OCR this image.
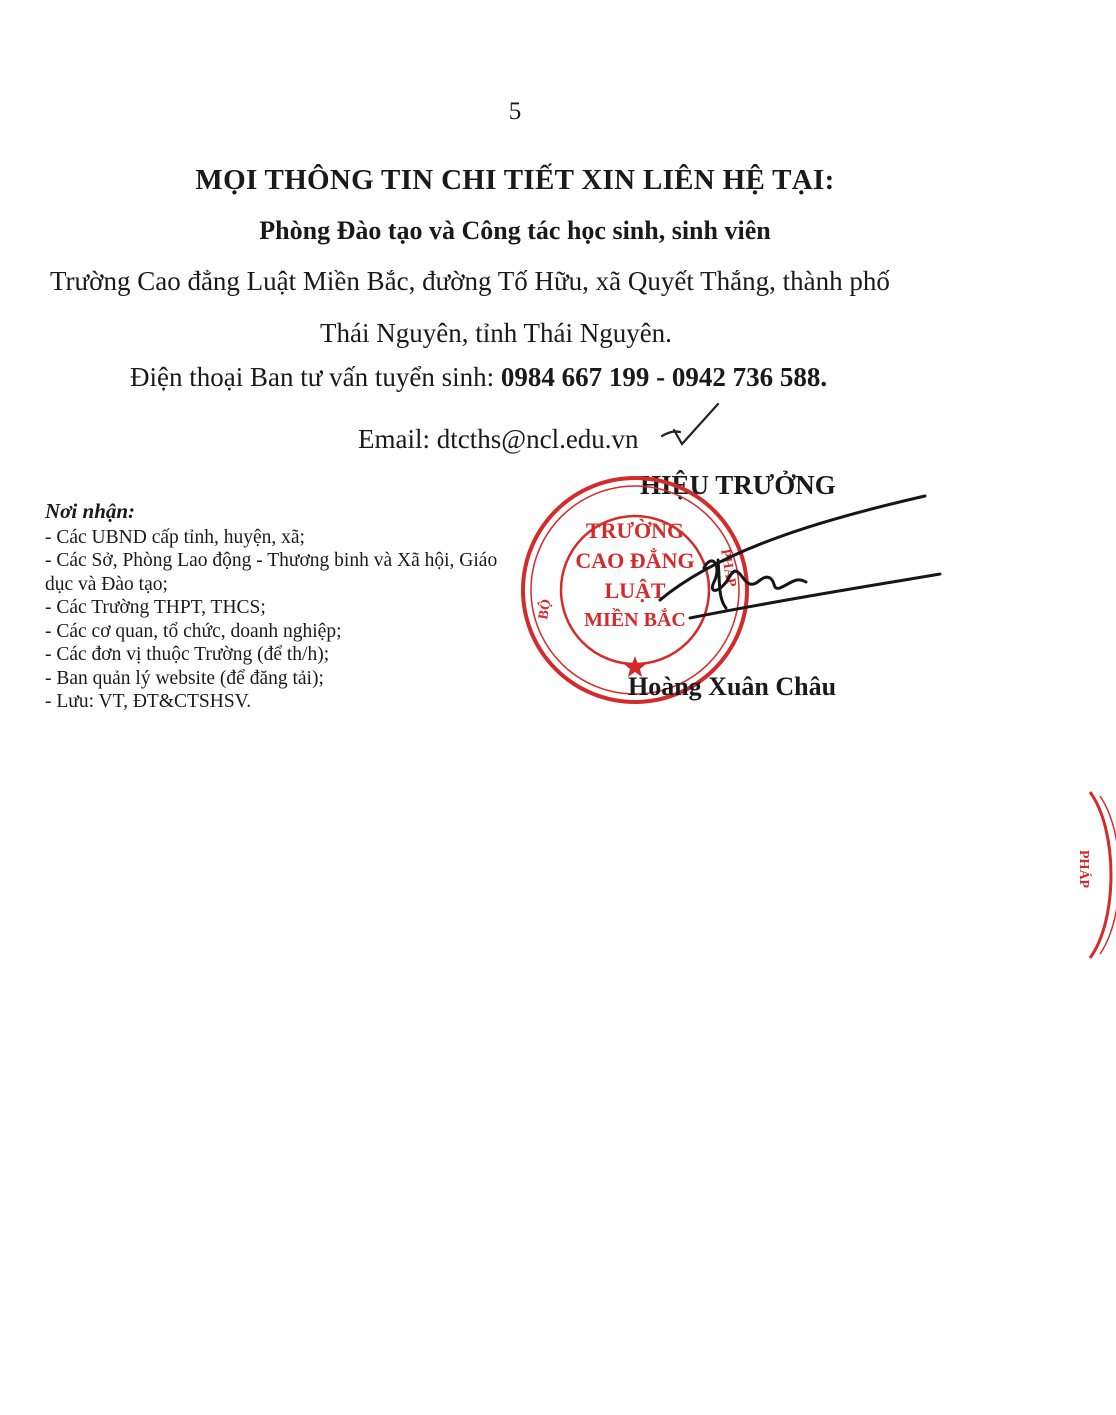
5
MỌI THÔNG TIN CHI TIẾT XIN LIÊN HỆ TẠI:
Phòng Đào tạo và Công tác học sinh, sinh viên
Trường Cao đẳng Luật Miền Bắc, đường Tố Hữu, xã Quyết Thắng, thành phố
Thái Nguyên, tỉnh Thái Nguyên.
Điện thoại Ban tư vấn tuyển sinh: 0984 667 199 - 0942 736 588.
Email: dtcths@ncl.edu.vn
Nơi nhận:
- Các UBND cấp tỉnh, huyện, xã;
- Các Sở, Phòng Lao động - Thương binh và Xã hội, Giáo dục và Đào tạo;
- Các Trường THPT, THCS;
- Các cơ quan, tổ chức, doanh nghiệp;
- Các đơn vị thuộc Trường (để th/h);
- Ban quản lý website (để đăng tải);
- Lưu: VT, ĐT&CTSHSV.
HIỆU TRƯỞNG
TRƯỜNG
CAO ĐẲNG
LUẬT
MIỀN BẮC
BỘ
PHÁP
Hoàng Xuân Châu
PHÁP
